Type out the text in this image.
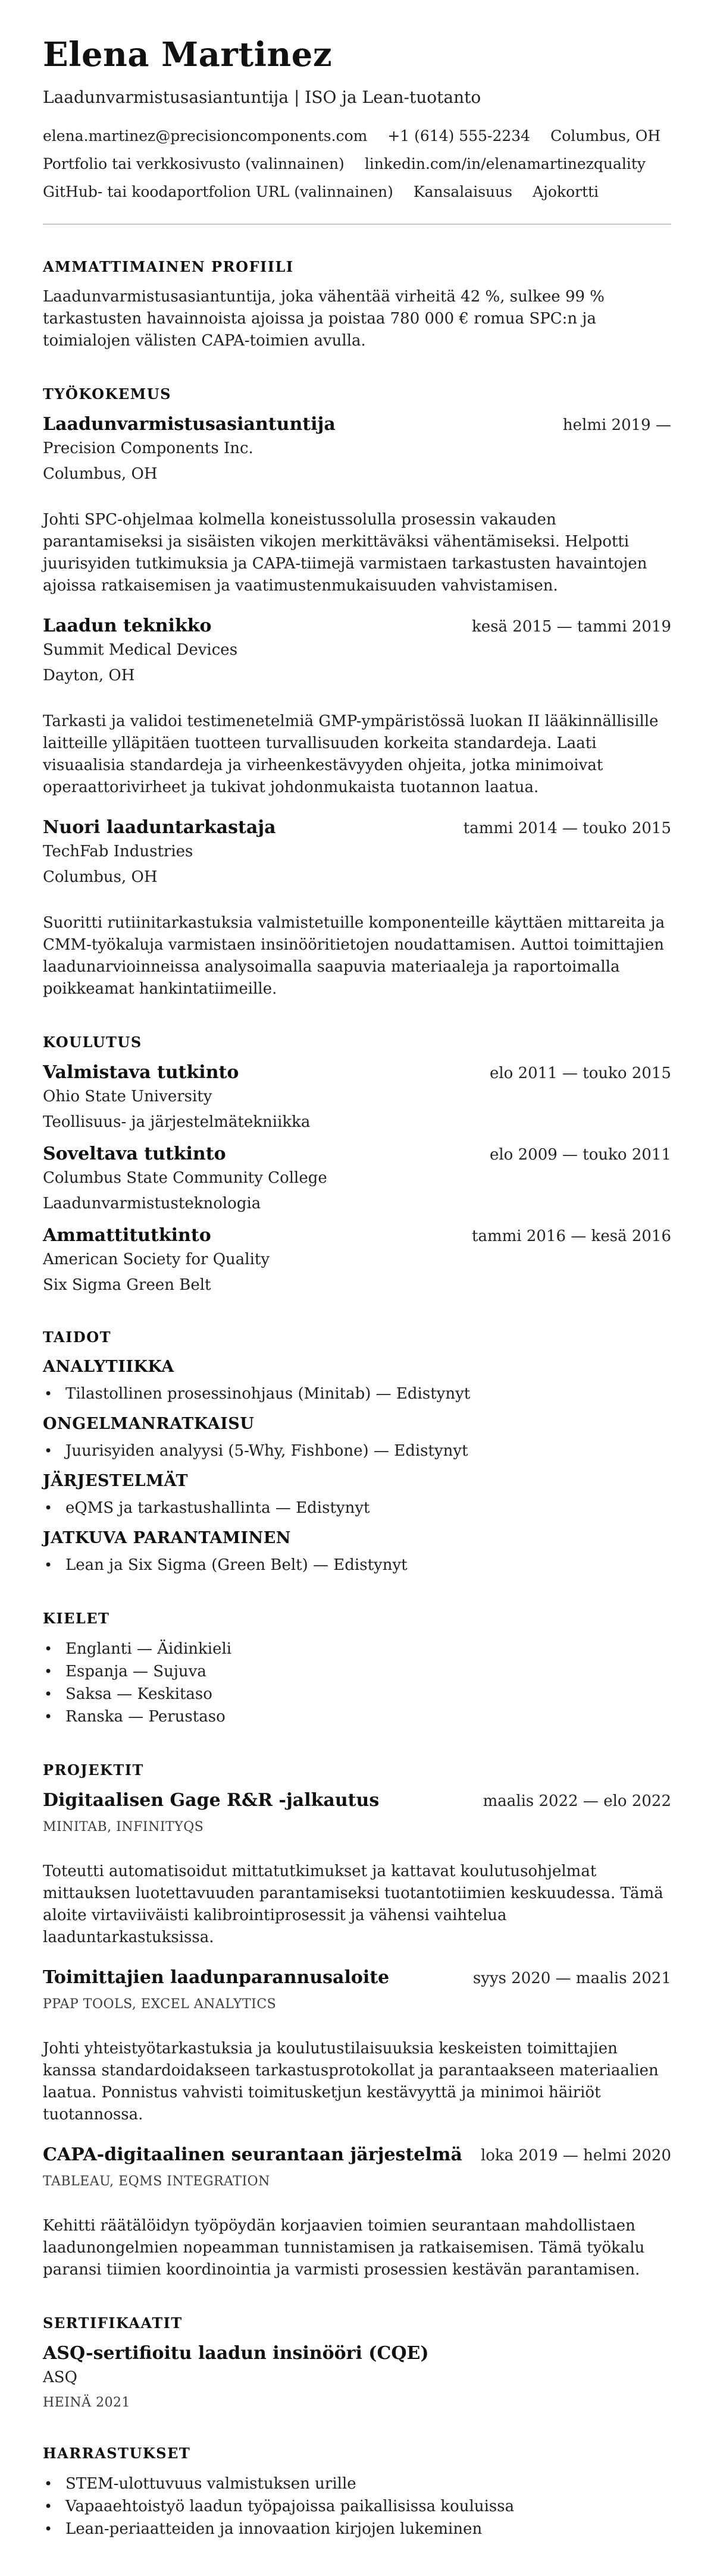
Elena Martinez
Laadunvarmistusasiantuntija | ISO ja Lean-tuotanto
elena.martinez@precisioncomponents.com +1 (614) 555-2234 Columbus, OH
Portfolio tai verkkosivusto (valinnainen) linkedin.com/in/elenamartinezquality
GitHub- tai koodaportfolion URL (valinnainen) Kansalaisuus Ajokortti
AMMATTIMAINEN PROFIILI

Laadunvarmistusasiantuntija, joka vähentää virheitä 42 %, sulkee 99 % tarkastusten havainnoista ajoissa ja poistaa 780 000 € romua SPC:n ja toimialojen välisten CAPA-toimien avulla.

TYÖKOKEMUS
Laadunvarmistusasiantuntija	helmi 2019 —
Precision Components Inc.
Columbus, OH

Johti SPC-ohjelmaa kolmella koneistussolulla prosessin vakauden parantamiseksi ja sisäisten vikojen merkittäväksi vähentämiseksi. Helpotti juurisyiden tutkimuksia ja CAPA-tiimejä varmistaen tarkastusten havaintojen ajoissa ratkaisemisen ja vaatimustenmukaisuuden vahvistamisen.

Laadun teknikko	kesä 2015 — tammi 2019
Summit Medical Devices
Dayton, OH

Tarkasti ja validoi testimenetelmiä GMP-ympäristössä luokan II lääkinnällisille laitteille ylläpitäen tuotteen turvallisuuden korkeita standardeja. Laati visuaalisia standardeja ja virheenkestävyyden ohjeita, jotka minimoivat operaattorivirheet ja tukivat johdonmukaista tuotannon laatua.

Nuori laaduntarkastaja	tammi 2014 — touko 2015
TechFab Industries
Columbus, OH

Suoritti rutiinitarkastuksia valmistetuille komponenteille käyttäen mittareita ja CMM-työkaluja varmistaen insinööritietojen noudattamisen. Auttoi toimittajien laadunarvioinneissa analysoimalla saapuvia materiaaleja ja raportoimalla poikkeamat hankintatiimeille.

KOULUTUS
Valmistava tutkinto	elo 2011 — touko 2015
Ohio State University
Teollisuus- ja järjestelmätekniikka
Soveltava tutkinto	elo 2009 — touko 2011
Columbus State Community College
Laadunvarmistusteknologia
Ammattitutkinto	tammi 2016 — kesä 2016
American Society for Quality
Six Sigma Green Belt
TAIDOT
ANALYTIIKKA
• Tilastollinen prosessinohjaus (Minitab) — Edistynyt
ONGELMANRATKAISU
• Juurisyiden analyysi (5-Why, Fishbone) — Edistynyt
JÄRJESTELMÄT
• eQMS ja tarkastushallinta — Edistynyt
JATKUVA PARANTAMINEN
• Lean ja Six Sigma (Green Belt) — Edistynyt
KIELET
• Englanti — Äidinkieli
• Espanja — Sujuva
• Saksa — Keskitaso
• Ranska — Perustaso
PROJEKTIT
Digitaalisen Gage R&R -jalkautus	maalis 2022 — elo 2022
MINITAB, INFINITYQS

Toteutti automatisoidut mittatutkimukset ja kattavat koulutusohjelmat mittauksen luotettavuuden parantamiseksi tuotantotiimien keskuudessa. Tämä aloite virtaviiväisti kalibrointiprosessit ja vähensi vaihtelua laaduntarkastuksissa.

Toimittajien laadunparannusaloite	syys 2020 — maalis 2021
PPAP TOOLS, EXCEL ANALYTICS

Johti yhteistyötarkastuksia ja koulutustilaisuuksia keskeisten toimittajien kanssa standardoidakseen tarkastusprotokollat ja parantaakseen materiaalien laatua. Ponnistus vahvisti toimitusketjun kestävyyttä ja minimoi häiriöt tuotannossa.

CAPA-digitaalinen seurantaan järjestelmä loka 2019 — helmi 2020
TABLEAU, EQMS INTEGRATION

Kehitti räätälöidyn työpöydän korjaavien toimien seurantaan mahdollistaen laadunongelmien nopeamman tunnistamisen ja ratkaisemisen. Tämä työkalu paransi tiimien koordinointia ja varmisti prosessien kestävän parantamisen.

SERTIFIKAATIT
ASQ-sertifioitu laadun insinööri (CQE)
ASQ
HEINÄ 2021
HARRASTUKSET
• STEM-ulottuvuus valmistuksen urille
• Vapaaehtoistyö laadun työpajoissa paikallisissa kouluissa
• Lean-periaatteiden ja innovaation kirjojen lukeminen
